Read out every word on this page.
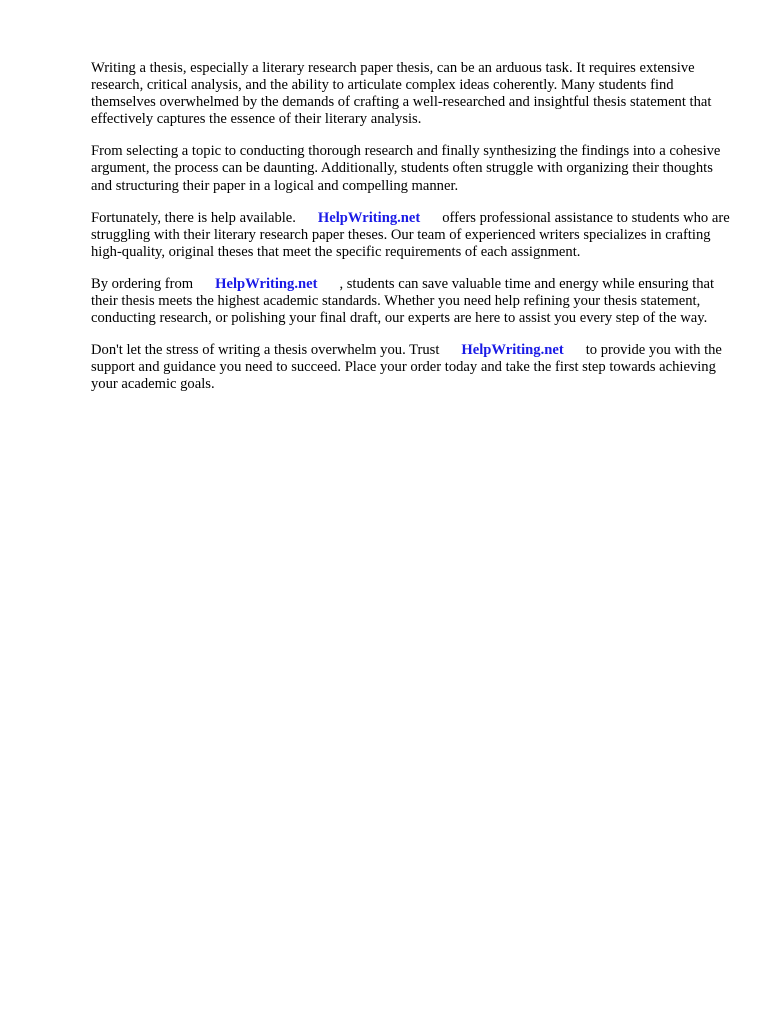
Writing a thesis, especially a literary research paper thesis, can be an arduous task. It requires extensive research, critical analysis, and the ability to articulate complex ideas coherently. Many students find themselves overwhelmed by the demands of crafting a well-researched and insightful thesis statement that effectively captures the essence of their literary analysis.

From selecting a topic to conducting thorough research and finally synthesizing the findings into a cohesive argument, the process can be daunting. Additionally, students often struggle with organizing their thoughts and structuring their paper in a logical and compelling manner.

Fortunately, there is help available. HelpWriting.net offers professional assistance to students who are struggling with their literary research paper theses. Our team of experienced writers specializes in crafting high-quality, original theses that meet the specific requirements of each assignment.

By ordering from HelpWriting.net , students can save valuable time and energy while ensuring that their thesis meets the highest academic standards. Whether you need help refining your thesis statement, conducting research, or polishing your final draft, our experts are here to assist you every step of the way.

Don't let the stress of writing a thesis overwhelm you. Trust HelpWriting.net to provide you with the support and guidance you need to succeed. Place your order today and take the first step towards achieving your academic goals.
